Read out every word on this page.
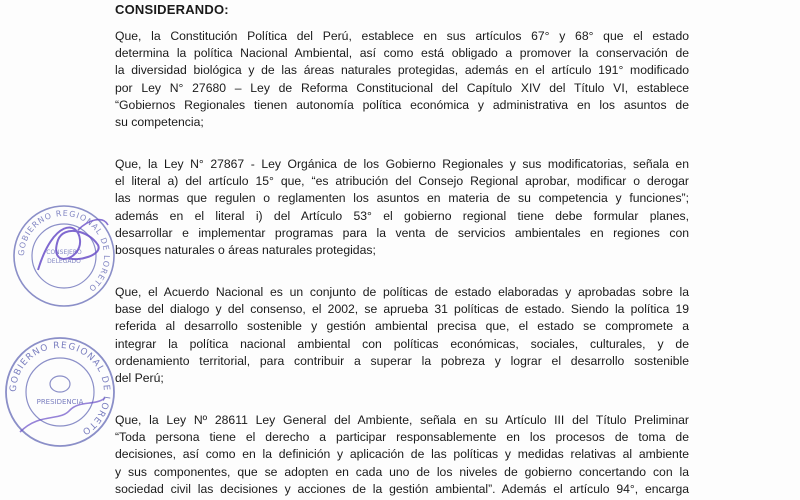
CONSIDERANDO:

Que, la Constitución Política del Perú, establece en sus artículos 67° y 68° que el estado
determina la política Nacional Ambiental, así como está obligado a promover la conservación de
la diversidad biológica y de las áreas naturales protegidas, además en el artículo 191° modificado
por Ley N° 27680 – Ley de Reforma Constitucional del Capítulo XIV del Título VI, establece
“Gobiernos Regionales tienen autonomía política económica y administrativa en los asuntos de
su competencia;

Que, la Ley N° 27867 - Ley Orgánica de los Gobierno Regionales y sus modificatorias, señala en
el literal a) del artículo 15° que, “es atribución del Consejo Regional aprobar, modificar o derogar
las normas que regulen o reglamenten los asuntos en materia de su competencia y funciones”;
además en el literal i) del Artículo 53° el gobierno regional tiene debe formular planes,
desarrollar e implementar programas para la venta de servicios ambientales en regiones con
bosques naturales o áreas naturales protegidas;

Que, el Acuerdo Nacional es un conjunto de políticas de estado elaboradas y aprobadas sobre la
base del dialogo y del consenso, el 2002, se aprueba 31 políticas de estado. Siendo la política 19
referida al desarrollo sostenible y gestión ambiental precisa que, el estado se compromete a
integrar la política nacional ambiental con políticas económicas, sociales, culturales, y de
ordenamiento territorial, para contribuir a superar la pobreza y lograr el desarrollo sostenible
del Perú;

Que, la Ley Nº 28611 Ley General del Ambiente, señala en su Artículo III del Título Preliminar
“Toda persona tiene el derecho a participar responsablemente en los procesos de toma de
decisiones, así como en la definición y aplicación de las políticas y medidas relativas al ambiente
y sus componentes, que se adopten en cada uno de los niveles de gobierno concertando con la
sociedad civil las decisiones y acciones de la gestión ambiental”. Además el artículo 94°, encarga

GOBIERNO REGIONAL DE LORETO
CONSEJERO
DELEGADO
GOBIERNO REGIONAL DE LORETO
PRESIDENCIA
